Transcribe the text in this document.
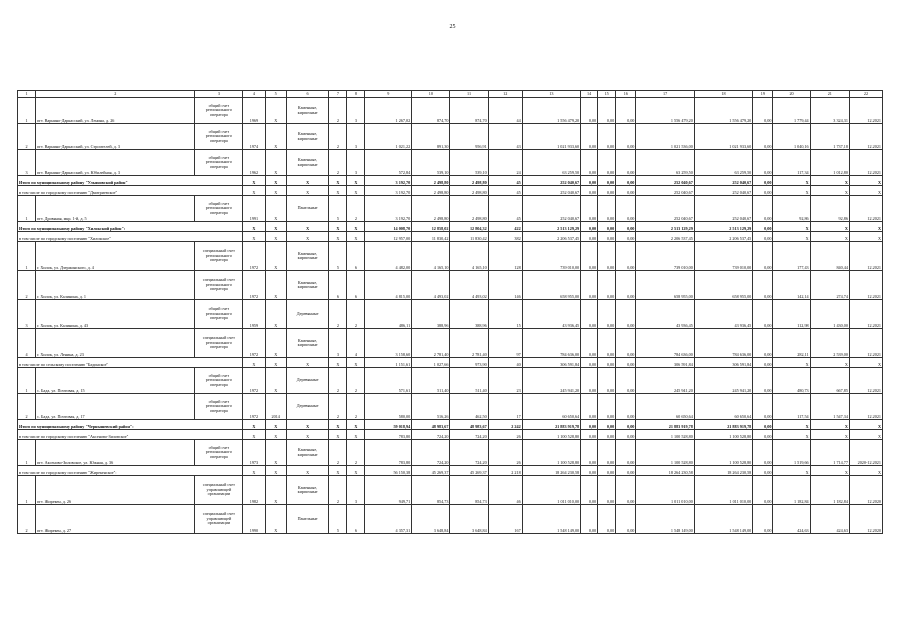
25
1	2	3	4	5	6	7	8	9	10	11	12	13	14	15	16	17	18	19	20	21	22
1	пгт. Варнино-Даркасский, ул. Ленина, д. 26	общий счет регионального оператора	1969	X	Каменные, кирпичные	2	3	1 267,02	874,70	874,70	44	1 556 479,20	0,00	0,00	0,00	1 556 479,20	1 556 479,20	0,00	1 779,44	3 324,31	12.2021
2	пгт. Варнино-Даркасский, ул. Строителей, д. 3	общий счет регионального оператора	1974	X	Каменные, кирпичные	2	3	1 021,22	891,30	956,91	43	1 021 933,60	0,00	0,00	0,00	1 021 536,00	1 021 933,60	0,00	1 040,16	1 737,18	12.2021
3	пгт. Варнино-Даркасский, ул. Юбилейная, д. 3	общий счет регионального оператора	1962	X	Каменные, кирпичные	2	3	572,84	539,10	539,10	24	63 259,50	0,00	0,00	0,00	63 259,50	63 259,50	0,00	117,34	1 012,80	12.2021
Итого по муниципальному району "Ульяновский район"			X	X	X	X	X	3 192,70	2 498,80	2 498,80	45	252 040,67	0,00	0,00	0,00	252 040,67	252 040,67	0,00	X	X	X
в том числе по городскому поселению "Дмитриевское"			X	X	X	X	X	3 192,70	2 498,80	2 498,80	45	252 040,67	0,00	0,00	0,00	252 040,67	252 040,67	0,00	X	X	X
1	пгт. Дровяная, мкр. 1-й, д. 5	общий счет регионального оператора	1991	X	Панельные	5	2	3 192,70	2 498,80	2 498,80	45	252 040,67	0,00	0,00	0,00	252 040,67	252 040,67	0,00	92,86	92,86	12.2021
Итого по муниципальному району "Хилокский район":			X	X	X	X	X	14 008,70	12 858,02	12 804,32	422	2 513 129,29	0,00	0,00	0,00	2 513 129,29	2 513 129,29	0,00	X	X	X
в том числе по городскому поселению "Хилокское"			X	X	X	X	X	12 957,00	11 830,42	11 830,42	382	2 206 537,45	0,00	0,00	0,00	2 206 537,45	2 206 537,45	0,00	X	X	X
1	г. Хилок, ул. Дзержинского, д. 4	специальный счет регионального оператора	1972	X	Каменные, кирпичные	5	6	4 482,00	4 165,10	4 165,10	128	739 010,00	0,00	0,00	0,00	739 010,00	739 010,00	0,00	177,43	840,44	12.2021
2	г. Хилок, ул. Калинина, д. 1	специальный счет регионального оператора	1972	X	Каменные, кирпичные	6	6	4 815,00	4 493,02	4 493,02	146	658 955,00	0,00	0,00	0,00	658 955,00	658 955,00	0,00	142,14	274,74	12.2021
3	г. Хилок, ул. Калинина, д. 43	общий счет регионального оператора	1959	X	Деревянные	2	2	486,11	388,96	388,96	15	43 936,45	0,00	0,00	0,00	43 936,45	43 936,45	0,00	112,98	1 430,00	12.2021
4	г. Хилок, ул. Ленина, д. 23	специальный счет регионального оператора	1972	X	Каменные, кирпичные	3	4	3 158,60	2 781,40	2 781,40	97	784 636,00	0,00	0,00	0,00	784 636,00	784 636,00	0,00	282,11	2 539,00	12.2021
в том числе по сельскому поселению "Бадинское"			X	X	X	X	X	1 151,61	1 027,66	973,90	40	306 591,84	0,00	0,00	0,00	306 591,84	306 591,84	0,00	X	X	X
1	с. Бада, ул. Почтовая, д. 15	общий счет регионального оператора	1972	X	Деревянные	2	2	571,61	511,40	511,40	23	245 941,20	0,00	0,00	0,00	245 941,20	245 941,20	0,00	480,73	667,85	12.2021
2	с. Бада, ул. Почтовая, д. 17	общий счет регионального оператора	1972	2014	Деревянные	2	2	580,00	516,26	462,50	17	60 650,64	0,00	0,00	0,00	60 650,64	60 650,64	0,00	117,54	1 547,34	12.2021
Итого по муниципальному району "Чернышевский район":			X	X	X	X	X	59 018,94	48 983,67	48 983,67	2 242	21 883 919,78	0,00	0,00	0,00	21 883 919,78	21 883 919,78	0,00	X	X	X
в том числе по городскому поселению "Аксеново-Зиловское"			X	X	X	X	X	783,80	724,20	724,20	26	1 100 528,80	0,00	0,00	0,00	1 100 528,80	1 100 528,80	0,00	X	X	X
1	пгт. Аксеново-Зиловское, ул. Южная, д. 36	общий счет регионального оператора	1973	X	Каменные, кирпичные	2	2	783,80	724,20	724,20	26	1 100 528,80	0,00	0,00	0,00	1 100 528,80	1 100 528,80	0,00	1 519,66	1 714,77	2020-12.2021
в том числе по городскому поселению "Жирекенское":			X	X	X	X	X	56 150,38	45 269,37	45 269,37	2 218	18 264 230,58	0,00	0,00	0,00	18 264 230,58	18 264 230,58	0,00	X	X	X
1	пгт. Жирекен, д. 26	специальный счет управляющей организации	1982	X	Каменные, кирпичные	2	3	949,71	854,73	854,73	46	1 011 010,00	0,00	0,00	0,00	1 011 010,00	1 011 010,00	0,00	1 182,84	1 182,84	12.2020
2	пгт. Жирекен, д. 27	специальный счет управляющей организации	1990	X	Панельные	5	6	4 357,31	3 648,84	3 648,84	167	1 548 149,00	0,00	0,00	0,00	1 548 149,00	1 548 149,00	0,00	424,63	424,63	12.2020
